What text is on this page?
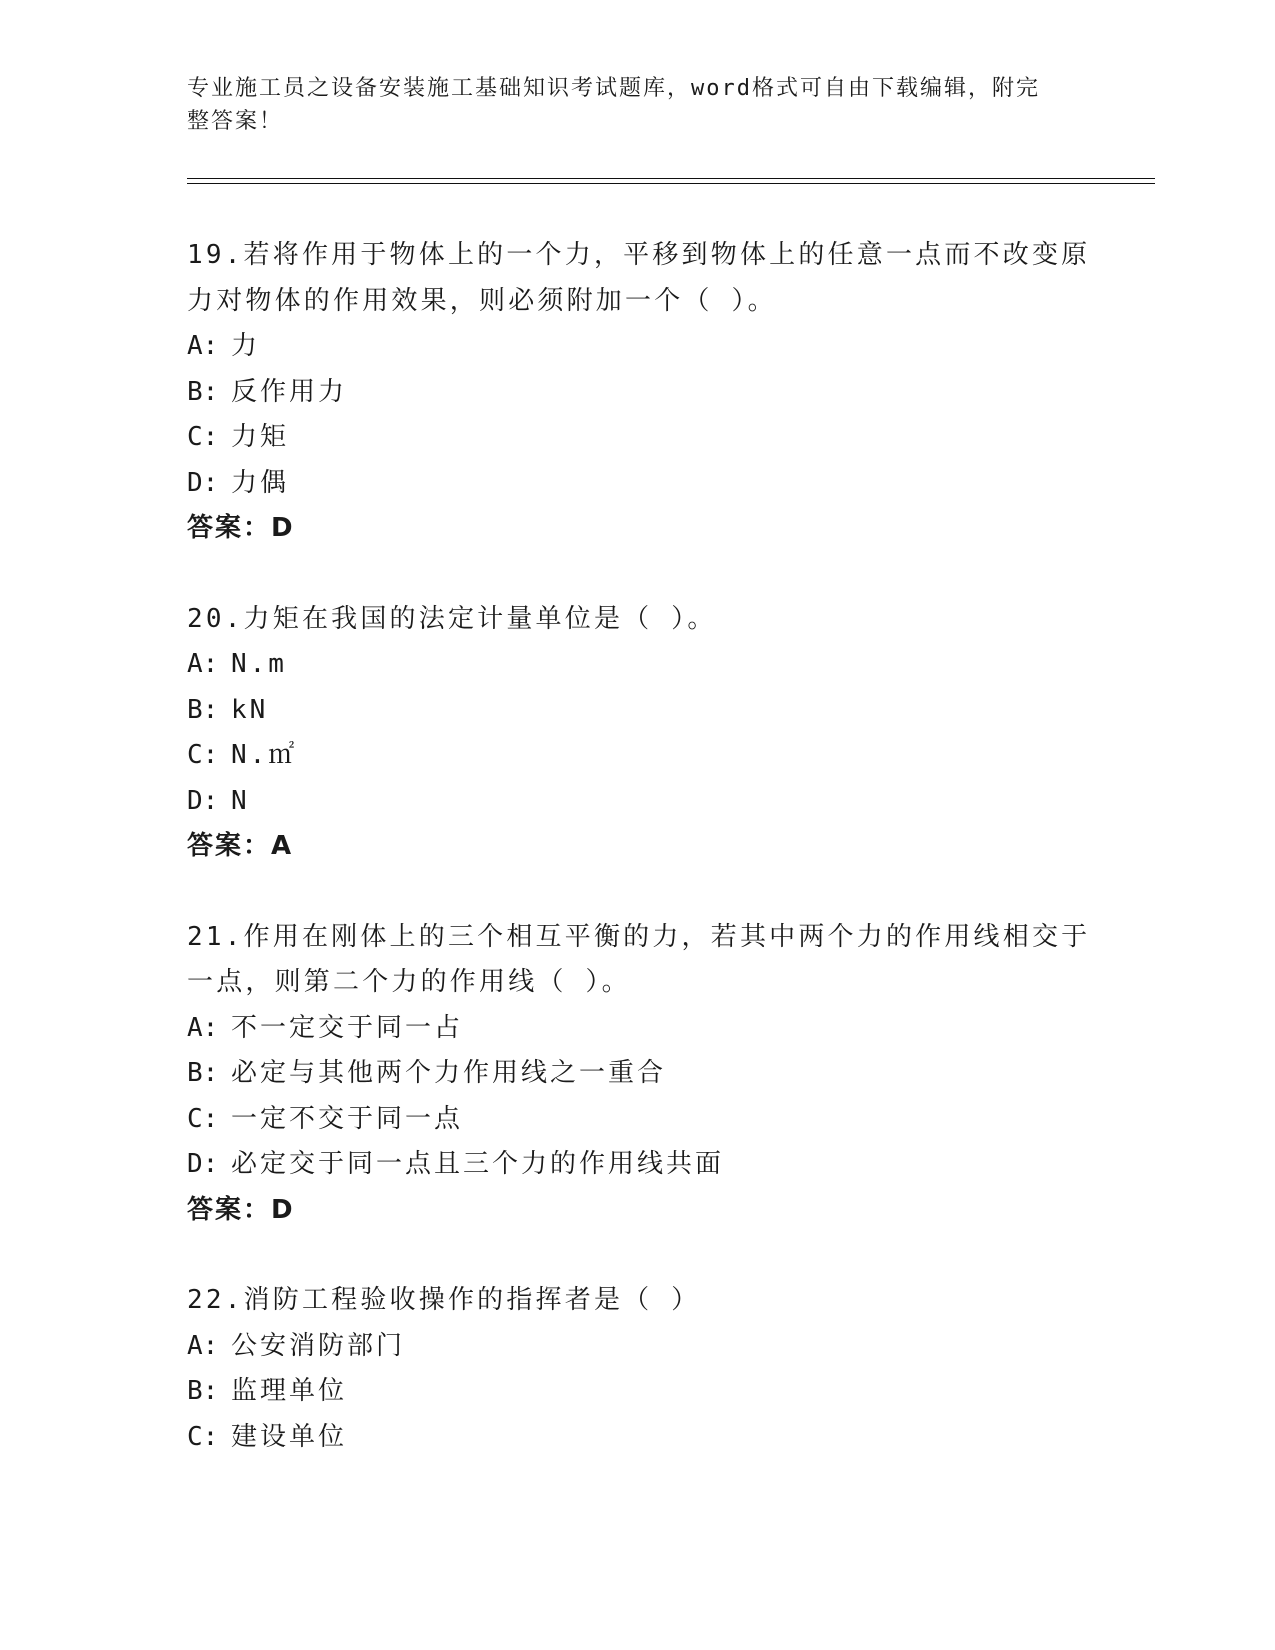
专业施工员之设备安装施工基础知识考试题库，word格式可自由下载编辑，附完
整答案！
19.若将作用于物体上的一个力，平移到物体上的任意一点而不改变原
力对物体的作用效果，则必须附加一个（ ）。
A: 力
B: 反作用力
C: 力矩
D: 力偶
答案：D
20.力矩在我国的法定计量单位是（ ）。
A: N.m
B: kN
C: N.㎡
D: N
答案：A
21.作用在刚体上的三个相互平衡的力，若其中两个力的作用线相交于
一点，则第二个力的作用线（ ）。
A: 不一定交于同一占
B: 必定与其他两个力作用线之一重合
C: 一定不交于同一点
D: 必定交于同一点且三个力的作用线共面
答案：D
22.消防工程验收操作的指挥者是（ ）
A: 公安消防部门
B: 监理单位
C: 建设单位
